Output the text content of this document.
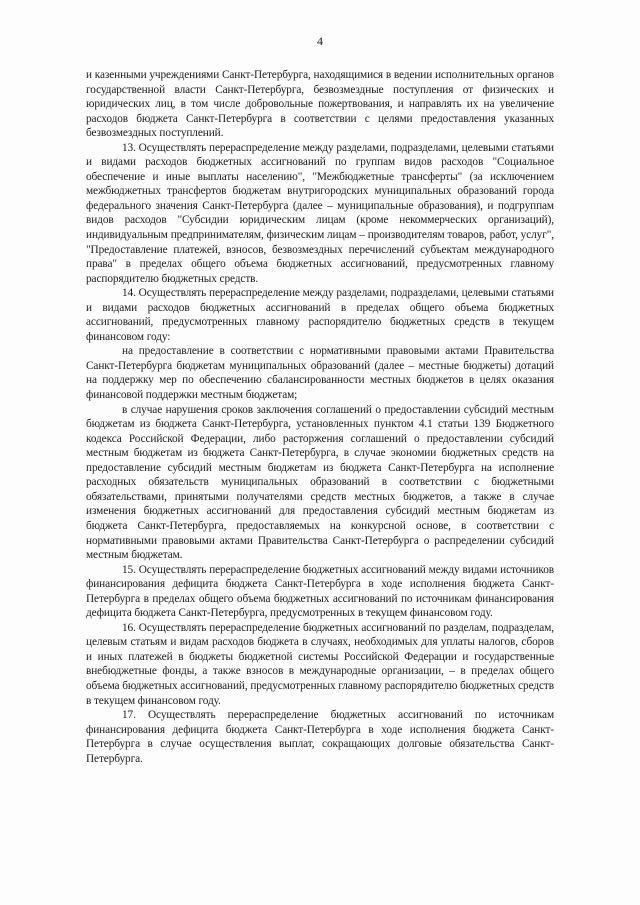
4

и казенными учреждениями Санкт-Петербурга, находящимися в ведении исполнительных органов государственной власти Санкт-Петербурга, безвозмездные поступления от физических и юридических лиц, в том числе добровольные пожертвования, и направлять их на увеличение расходов бюджета Санкт-Петербурга в соответствии с целями предоставления указанных безвозмездных поступлений.

13. Осуществлять перераспределение между разделами, подразделами, целевыми статьями и видами расходов бюджетных ассигнований по группам видов расходов "Социальное обеспечение и иные выплаты населению", "Межбюджетные трансферты" (за исключением межбюджетных трансфертов бюджетам внутригородских муниципальных образований города федерального значения Санкт-Петербурга (далее – муниципальные образования), и подгруппам видов расходов "Субсидии юридическим лицам (кроме некоммерческих организаций), индивидуальным предпринимателям, физическим лицам – производителям товаров, работ, услуг", "Предоставление платежей, взносов, безвозмездных перечислений субъектам международного права" в пределах общего объема бюджетных ассигнований, предусмотренных главному распорядителю бюджетных средств.

14. Осуществлять перераспределение между разделами, подразделами, целевыми статьями и видами расходов бюджетных ассигнований в пределах общего объема бюджетных ассигнований, предусмотренных главному распорядителю бюджетных средств в текущем финансовом году:

на предоставление в соответствии с нормативными правовыми актами Правительства Санкт-Петербурга бюджетам муниципальных образований (далее – местные бюджеты) дотаций на поддержку мер по обеспечению сбалансированности местных бюджетов в целях оказания финансовой поддержки местным бюджетам;

в случае нарушения сроков заключения соглашений о предоставлении субсидий местным бюджетам из бюджета Санкт-Петербурга, установленных пунктом 4.1 статьи 139 Бюджетного кодекса Российской Федерации, либо расторжения соглашений о предоставлении субсидий местным бюджетам из бюджета Санкт-Петербурга, в случае экономии бюджетных средств на предоставление субсидий местным бюджетам из бюджета Санкт-Петербурга на исполнение расходных обязательств муниципальных образований в соответствии с бюджетными обязательствами, принятыми получателями средств местных бюджетов, а также в случае изменения бюджетных ассигнований для предоставления субсидий местным бюджетам из бюджета Санкт-Петербурга, предоставляемых на конкурсной основе, в соответствии с нормативными правовыми актами Правительства Санкт-Петербурга о распределении субсидий местным бюджетам.

15. Осуществлять перераспределение бюджетных ассигнований между видами источников финансирования дефицита бюджета Санкт-Петербурга в ходе исполнения бюджета Санкт-Петербурга в пределах общего объема бюджетных ассигнований по источникам финансирования дефицита бюджета Санкт-Петербурга, предусмотренных в текущем финансовом году.

16. Осуществлять перераспределение бюджетных ассигнований по разделам, подразделам, целевым статьям и видам расходов бюджета в случаях, необходимых для уплаты налогов, сборов и иных платежей в бюджеты бюджетной системы Российской Федерации и государственные внебюджетные фонды, а также взносов в международные организации, – в пределах общего объема бюджетных ассигнований, предусмотренных главному распорядителю бюджетных средств в текущем финансовом году.

17. Осуществлять перераспределение бюджетных ассигнований по источникам финансирования дефицита бюджета Санкт-Петербурга в ходе исполнения бюджета Санкт-Петербурга в случае осуществления выплат, сокращающих долговые обязательства Санкт-Петербурга.
